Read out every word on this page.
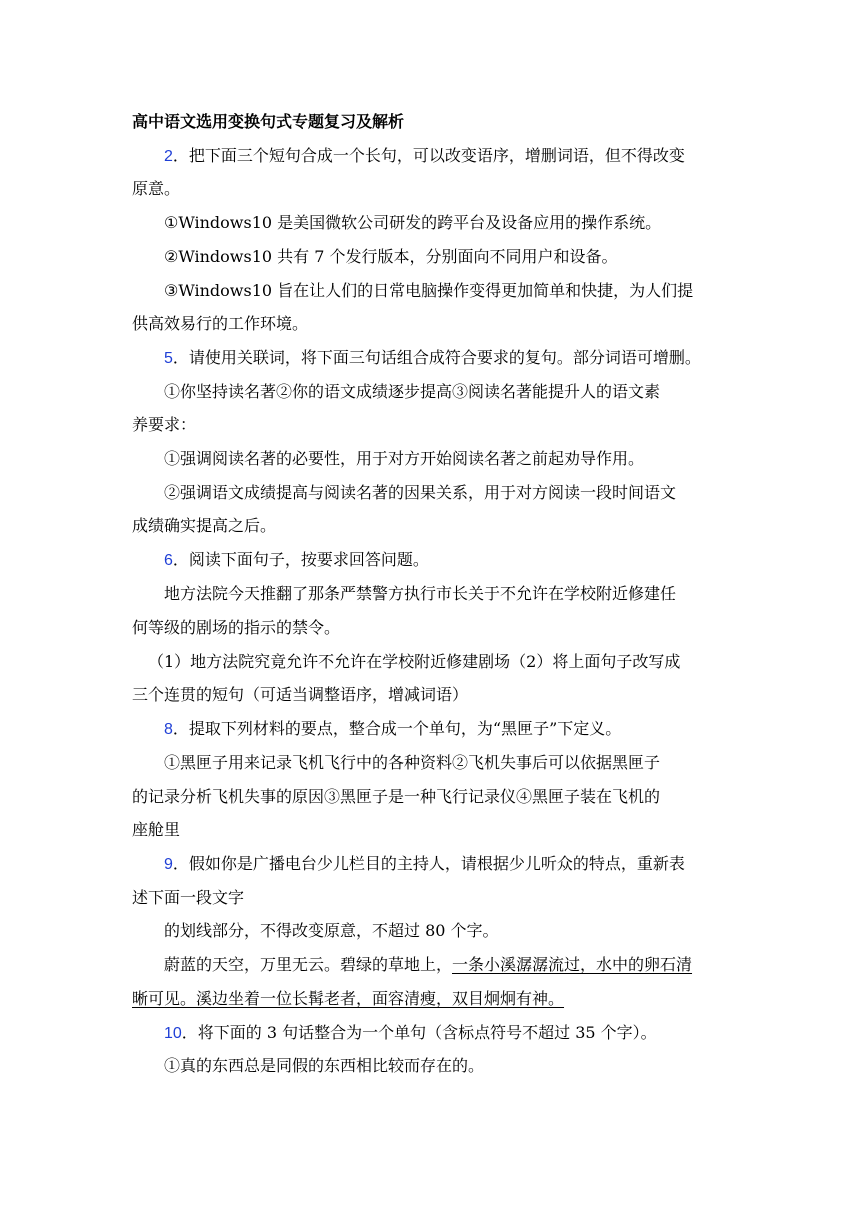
高中语文选用变换句式专题复习及解析
2．把下面三个短句合成一个长句，可以改变语序，增删词语，但不得改变
原意。
①Windows10 是美国微软公司研发的跨平台及设备应用的操作系统。
②Windows10 共有 7 个发行版本，分别面向不同用户和设备。
③Windows10 旨在让人们的日常电脑操作变得更加简单和快捷，为人们提
供高效易行的工作环境。
5．请使用关联词，将下面三句话组合成符合要求的复句。部分词语可增删。
①你坚持读名著②你的语文成绩逐步提高③阅读名著能提升人的语文素
养要求：
①强调阅读名著的必要性，用于对方开始阅读名著之前起劝导作用。
②强调语文成绩提高与阅读名著的因果关系，用于对方阅读一段时间语文
成绩确实提高之后。
6．阅读下面句子，按要求回答问题。
地方法院今天推翻了那条严禁警方执行市长关于不允许在学校附近修建任
何等级的剧场的指示的禁令。
（1）地方法院究竟允许不允许在学校附近修建剧场（2）将上面句子改写成
三个连贯的短句（可适当调整语序，增减词语）
8．提取下列材料的要点，整合成一个单句，为“黑匣子”下定义。
①黑匣子用来记录飞机飞行中的各种资料②飞机失事后可以依据黑匣子
的记录分析飞机失事的原因③黑匣子是一种飞行记录仪④黑匣子装在飞机的
座舱里
9．假如你是广播电台少儿栏目的主持人，请根据少儿听众的特点，重新表
述下面一段文字
的划线部分，不得改变原意，不超过 80 个字。
蔚蓝的天空，万里无云。碧绿的草地上，一条小溪潺潺流过，水中的卵石清
晰可见。溪边坐着一位长髯老者，面容清瘦，双目炯炯有神。
10．将下面的 3 句话整合为一个单句（含标点符号不超过 35 个字）。
①真的东西总是同假的东西相比较而存在的。
